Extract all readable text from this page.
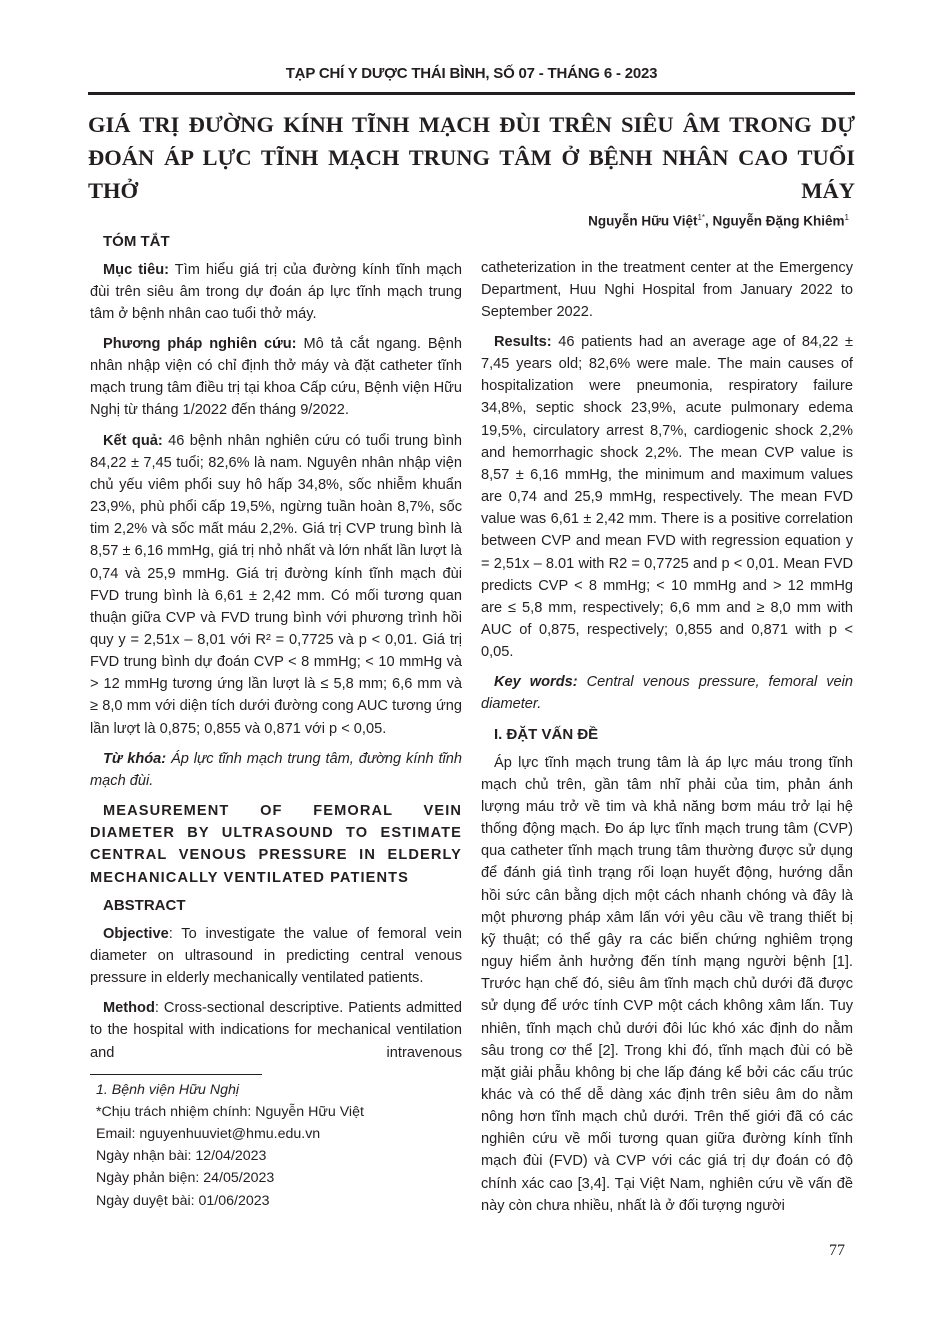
TẠP CHÍ Y DƯỢC THÁI BÌNH, SỐ 07 - THÁNG 6 - 2023
GIÁ TRỊ ĐƯỜNG KÍNH TĨNH MẠCH ĐÙI TRÊN SIÊU ÂM TRONG DỰ
ĐOÁN ÁP LỰC TĨNH MẠCH TRUNG TÂM Ở BỆNH NHÂN CAO TUỔI THỞ MÁY
Nguyễn Hữu Việt$^{1*}$, Nguyễn Đặng Khiêm$^1$
TÓM TẮT

Mục tiêu: Tìm hiểu giá trị của đường kính tĩnh mạch đùi trên siêu âm trong dự đoán áp lực tĩnh mạch trung tâm ở bệnh nhân cao tuổi thở máy.

Phương pháp nghiên cứu: Mô tả cắt ngang. Bệnh nhân nhập viện có chỉ định thở máy và đặt catheter tĩnh mạch trung tâm điều trị tại khoa Cấp cứu, Bệnh viện Hữu Nghị từ tháng 1/2022 đến tháng 9/2022.

Kết quả: 46 bệnh nhân nghiên cứu có tuổi trung bình 84,22 ± 7,45 tuổi; 82,6% là nam. Nguyên nhân nhập viện chủ yếu viêm phổi suy hô hấp 34,8%, sốc nhiễm khuẩn 23,9%, phù phổi cấp 19,5%, ngừng tuần hoàn 8,7%, sốc tim 2,2% và sốc mất máu 2,2%. Giá trị CVP trung bình là 8,57 ± 6,16 mmHg, giá trị nhỏ nhất và lớn nhất lần lượt là 0,74 và 25,9 mmHg. Giá trị đường kính tĩnh mạch đùi FVD trung bình là 6,61 ± 2,42 mm. Có mối tương quan thuận giữa CVP và FVD trung bình với phương trình hồi quy y = 2,51x – 8,01 với R² = 0,7725 và p < 0,01. Giá trị FVD trung bình dự đoán CVP < 8 mmHg; < 10 mmHg và > 12 mmHg tương ứng lần lượt là ≤ 5,8 mm; 6,6 mm và ≥ 8,0 mm với diện tích dưới đường cong AUC tương ứng lần lượt là 0,875; 0,855 và 0,871 với p < 0,05.

Từ khóa: Áp lực tĩnh mạch trung tâm, đường kính tĩnh mạch đùi.

MEASUREMENT OF FEMORAL VEIN DIAMETER BY ULTRASOUND TO ESTIMATE CENTRAL VENOUS PRESSURE IN ELDERLY MECHANICALLY VENTILATED PATIENTS
ABSTRACT

Objective: To investigate the value of femoral vein diameter on ultrasound in predicting central venous pressure in elderly mechanically ventilated patients.

Method: Cross-sectional descriptive. Patients admitted to the hospital with indications for mechanical ventilation and intravenous

1. Bệnh viện Hữu Nghị
*Chịu trách nhiệm chính: Nguyễn Hữu Việt
Email: nguyenhuuviet@hmu.edu.vn
Ngày nhận bài: 12/04/2023
Ngày phản biện: 24/05/2023
Ngày duyệt bài: 01/06/2023

catheterization in the treatment center at the Emergency Department, Huu Nghi Hospital from January 2022 to September 2022.

Results: 46 patients had an average age of 84,22 ± 7,45 years old; 82,6% were male. The main causes of hospitalization were pneumonia, respiratory failure 34,8%, septic shock 23,9%, acute pulmonary edema 19,5%, circulatory arrest 8,7%, cardiogenic shock 2,2% and hemorrhagic shock 2,2%. The mean CVP value is 8,57 ± 6,16 mmHg, the minimum and maximum values are 0,74 and 25,9 mmHg, respectively. The mean FVD value was 6,61 ± 2,42 mm. There is a positive correlation between CVP and mean FVD with regression equation y = 2,51x – 8.01 with R2 = 0,7725 and p < 0,01. Mean FVD predicts CVP < 8 mmHg; < 10 mmHg and > 12 mmHg are ≤ 5,8 mm, respectively; 6,6 mm and ≥ 8,0 mm with AUC of 0,875, respectively; 0,855 and 0,871 with p < 0,05.

Key words: Central venous pressure, femoral vein diameter.

I. ĐẶT VẤN ĐỀ

Áp lực tĩnh mạch trung tâm là áp lực máu trong tĩnh mạch chủ trên, gần tâm nhĩ phải của tim, phản ánh lượng máu trở về tim và khả năng bơm máu trở lại hệ thống động mạch. Đo áp lực tĩnh mạch trung tâm (CVP) qua catheter tĩnh mạch trung tâm thường được sử dụng để đánh giá tình trạng rối loạn huyết động, hướng dẫn hồi sức cân bằng dịch một cách nhanh chóng và đây là một phương pháp xâm lấn với yêu cầu về trang thiết bị kỹ thuật; có thể gây ra các biến chứng nghiêm trọng nguy hiểm ảnh hưởng đến tính mạng người bệnh [1]. Trước hạn chế đó, siêu âm tĩnh mạch chủ dưới đã được sử dụng để ước tính CVP một cách không xâm lấn. Tuy nhiên, tĩnh mạch chủ dưới đôi lúc khó xác định do nằm sâu trong cơ thể [2]. Trong khi đó, tĩnh mạch đùi có bề mặt giải phẫu không bị che lấp đáng kể bởi các cấu trúc khác và có thể dễ dàng xác định trên siêu âm do nằm nông hơn tĩnh mạch chủ dưới. Trên thế giới đã có các nghiên cứu về mối tương quan giữa đường kính tĩnh mạch đùi (FVD) và CVP với các giá trị dự đoán có độ chính xác cao [3,4]. Tại Việt Nam, nghiên cứu về vấn đề này còn chưa nhiều, nhất là ở đối tượng người

77
